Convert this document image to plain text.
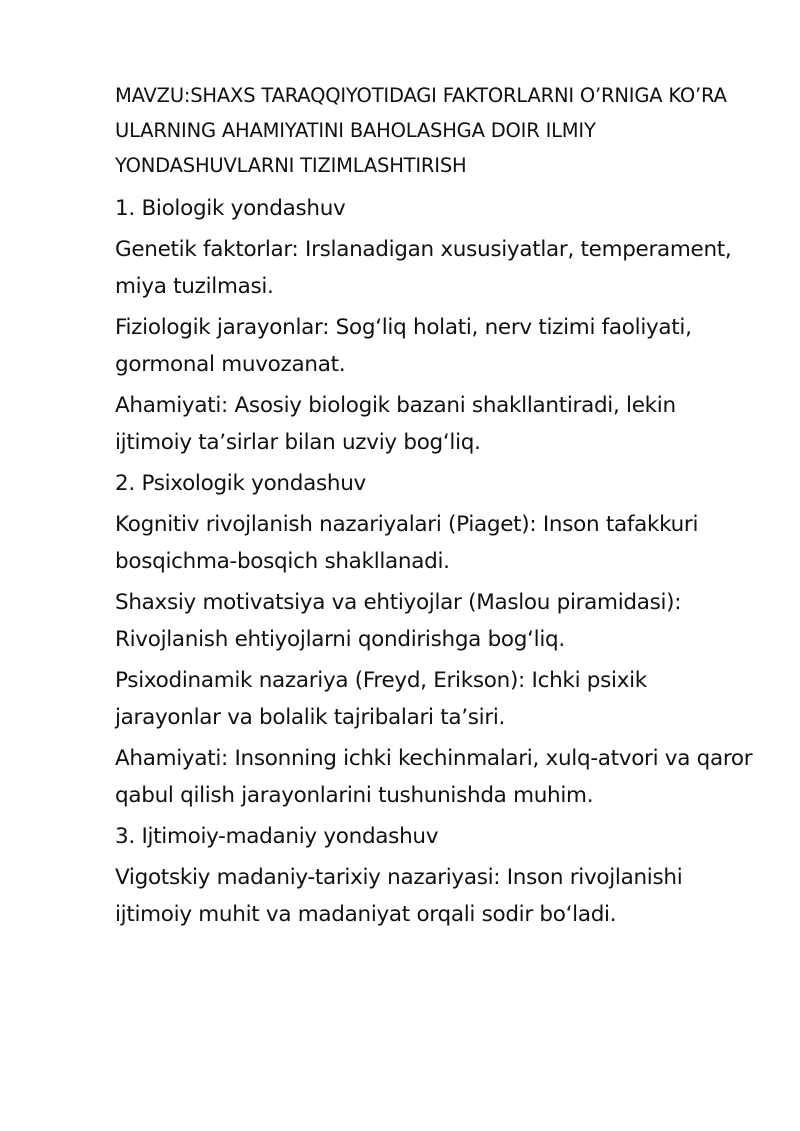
MAVZU:SHAXS TARAQQIYOTIDAGI FAKTORLARNI O’RNIGA KO’RA ULARNING AHAMIYATINI BAHOLASHGA DOIR ILMIY YONDASHUVLARNI TIZIMLASHTIRISH

1. Biologik yondashuv

Genetik faktorlar: Irslanadigan xususiyatlar, temperament, miya tuzilmasi.

Fiziologik jarayonlar: Sogʻliq holati, nerv tizimi faoliyati, gormonal muvozanat.

Ahamiyati: Asosiy biologik bazani shakllantiradi, lekin ijtimoiy taʼsirlar bilan uzviy bogʻliq.

2. Psixologik yondashuv

Kognitiv rivojlanish nazariyalari (Piaget): Inson tafakkuri bosqichma-bosqich shakllanadi.

Shaxsiy motivatsiya va ehtiyojlar (Maslou piramidasi): Rivojlanish ehtiyojlarni qondirishga bogʻliq.

Psixodinamik nazariya (Freyd, Erikson): Ichki psixik jarayonlar va bolalik tajribalari taʼsiri.

Ahamiyati: Insonning ichki kechinmalari, xulq-atvori va qaror qabul qilish jarayonlarini tushunishda muhim.

3. Ijtimoiy-madaniy yondashuv

Vigotskiy madaniy-tarixiy nazariyasi: Inson rivojlanishi ijtimoiy muhit va madaniyat orqali sodir boʻladi.
